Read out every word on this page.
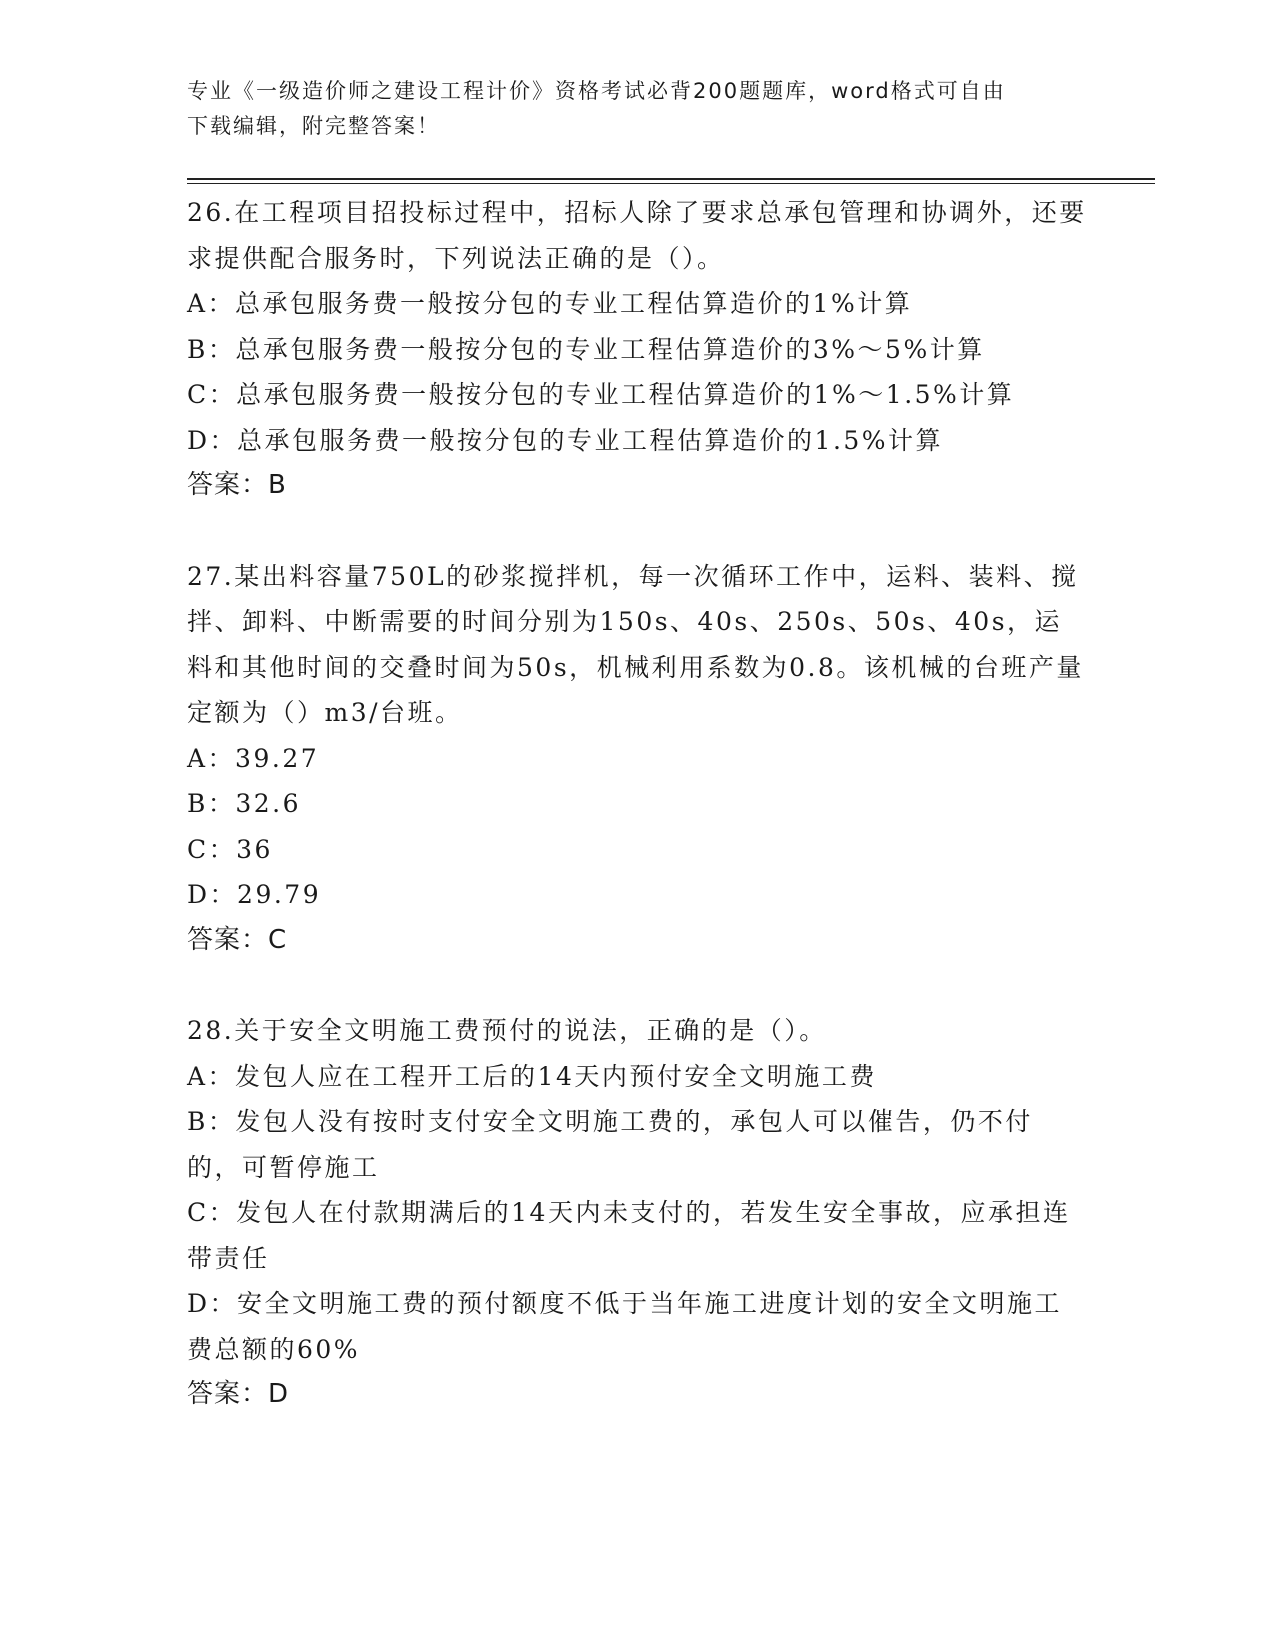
专业《一级造价师之建设工程计价》资格考试必背200题题库，word格式可自由
下载编辑，附完整答案！

26.在工程项目招投标过程中，招标人除了要求总承包管理和协调外，还要求提供配合服务时，下列说法正确的是（）。

A：总承包服务费一般按分包的专业工程估算造价的1%计算

B：总承包服务费一般按分包的专业工程估算造价的3%～5%计算

C：总承包服务费一般按分包的专业工程估算造价的1%～1.5%计算

D：总承包服务费一般按分包的专业工程估算造价的1.5%计算

答案：B

27.某出料容量750L的砂浆搅拌机，每一次循环工作中，运料、装料、搅拌、卸料、中断需要的时间分别为150s、40s、250s、50s、40s，运料和其他时间的交叠时间为50s，机械利用系数为0.8。该机械的台班产量定额为（）m3/台班。

A：39.27

B：32.6

C：36

D：29.79

答案：C

28.关于安全文明施工费预付的说法，正确的是（）。

A：发包人应在工程开工后的14天内预付安全文明施工费

B：发包人没有按时支付安全文明施工费的，承包人可以催告，仍不付的，可暂停施工

C：发包人在付款期满后的14天内未支付的，若发生安全事故，应承担连带责任

D：安全文明施工费的预付额度不低于当年施工进度计划的安全文明施工费总额的60%

答案：D
